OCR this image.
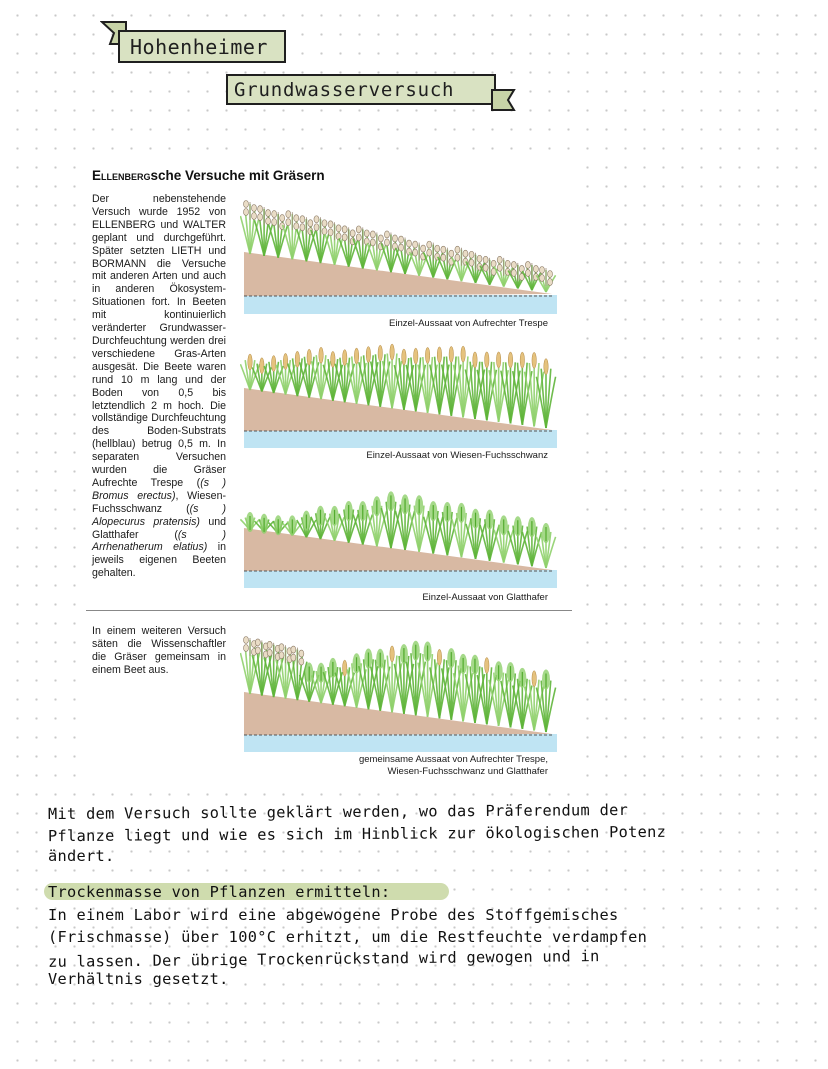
Hohenheimer
Grundwasserversuch
Ellenbergsche Versuche mit Gräsern
Der nebenstehende Versuch wurde 1952 von ELLENBERG und WALTER geplant und durchgeführt. Später setzten LIETH und BORMANN die Versuche mit anderen Arten und auch in anderen Ökosystem-Situationen fort. In Beeten mit kontinuierlich veränderter Grundwasser-Durchfeuchtung werden drei verschiedene Gras-Arten ausgesät. Die Beete waren rund 10 m lang und der Boden von 0,5 bis letztendlich 2 m hoch. Die vollständige Durchfeuchtung des Boden-Substrats (hellblau) betrug 0,5 m. In separaten Versuchen wurden die Gräser Aufrechte Trespe ((s ) Bromus erectus), Wiesen-Fuchsschwanz ((s ) Alopecurus pratensis) und Glatthafer ((s ) Arrhenatherum elatius) in jeweils eigenen Beeten gehalten.
In einem weiteren Versuch säten die Wissenschaftler die Gräser gemeinsam in einem Beet aus.
Einzel-Aussaat von Aufrechter Trespe
Einzel-Aussaat von Wiesen-Fuchsschwanz
Einzel-Aussaat von Glatthafer
gemeinsame Aussaat von Aufrechter Trespe,
Wiesen-Fuchsschwanz und Glatthafer

Mit dem Versuch sollte geklärt werden, wo das Präferendum der

Pflanze liegt und wie es sich im Hinblick zur ökologischen Potenz

ändert.

Trockenmasse von Pflanzen ermitteln:

In einem Labor wird eine abgewogene Probe des Stoffgemisches

(Frischmasse) über 100°C erhitzt, um die Restfeuchte verdampfen

zu lassen. Der übrige Trockenrückstand wird gewogen und in

Verhältnis gesetzt.
